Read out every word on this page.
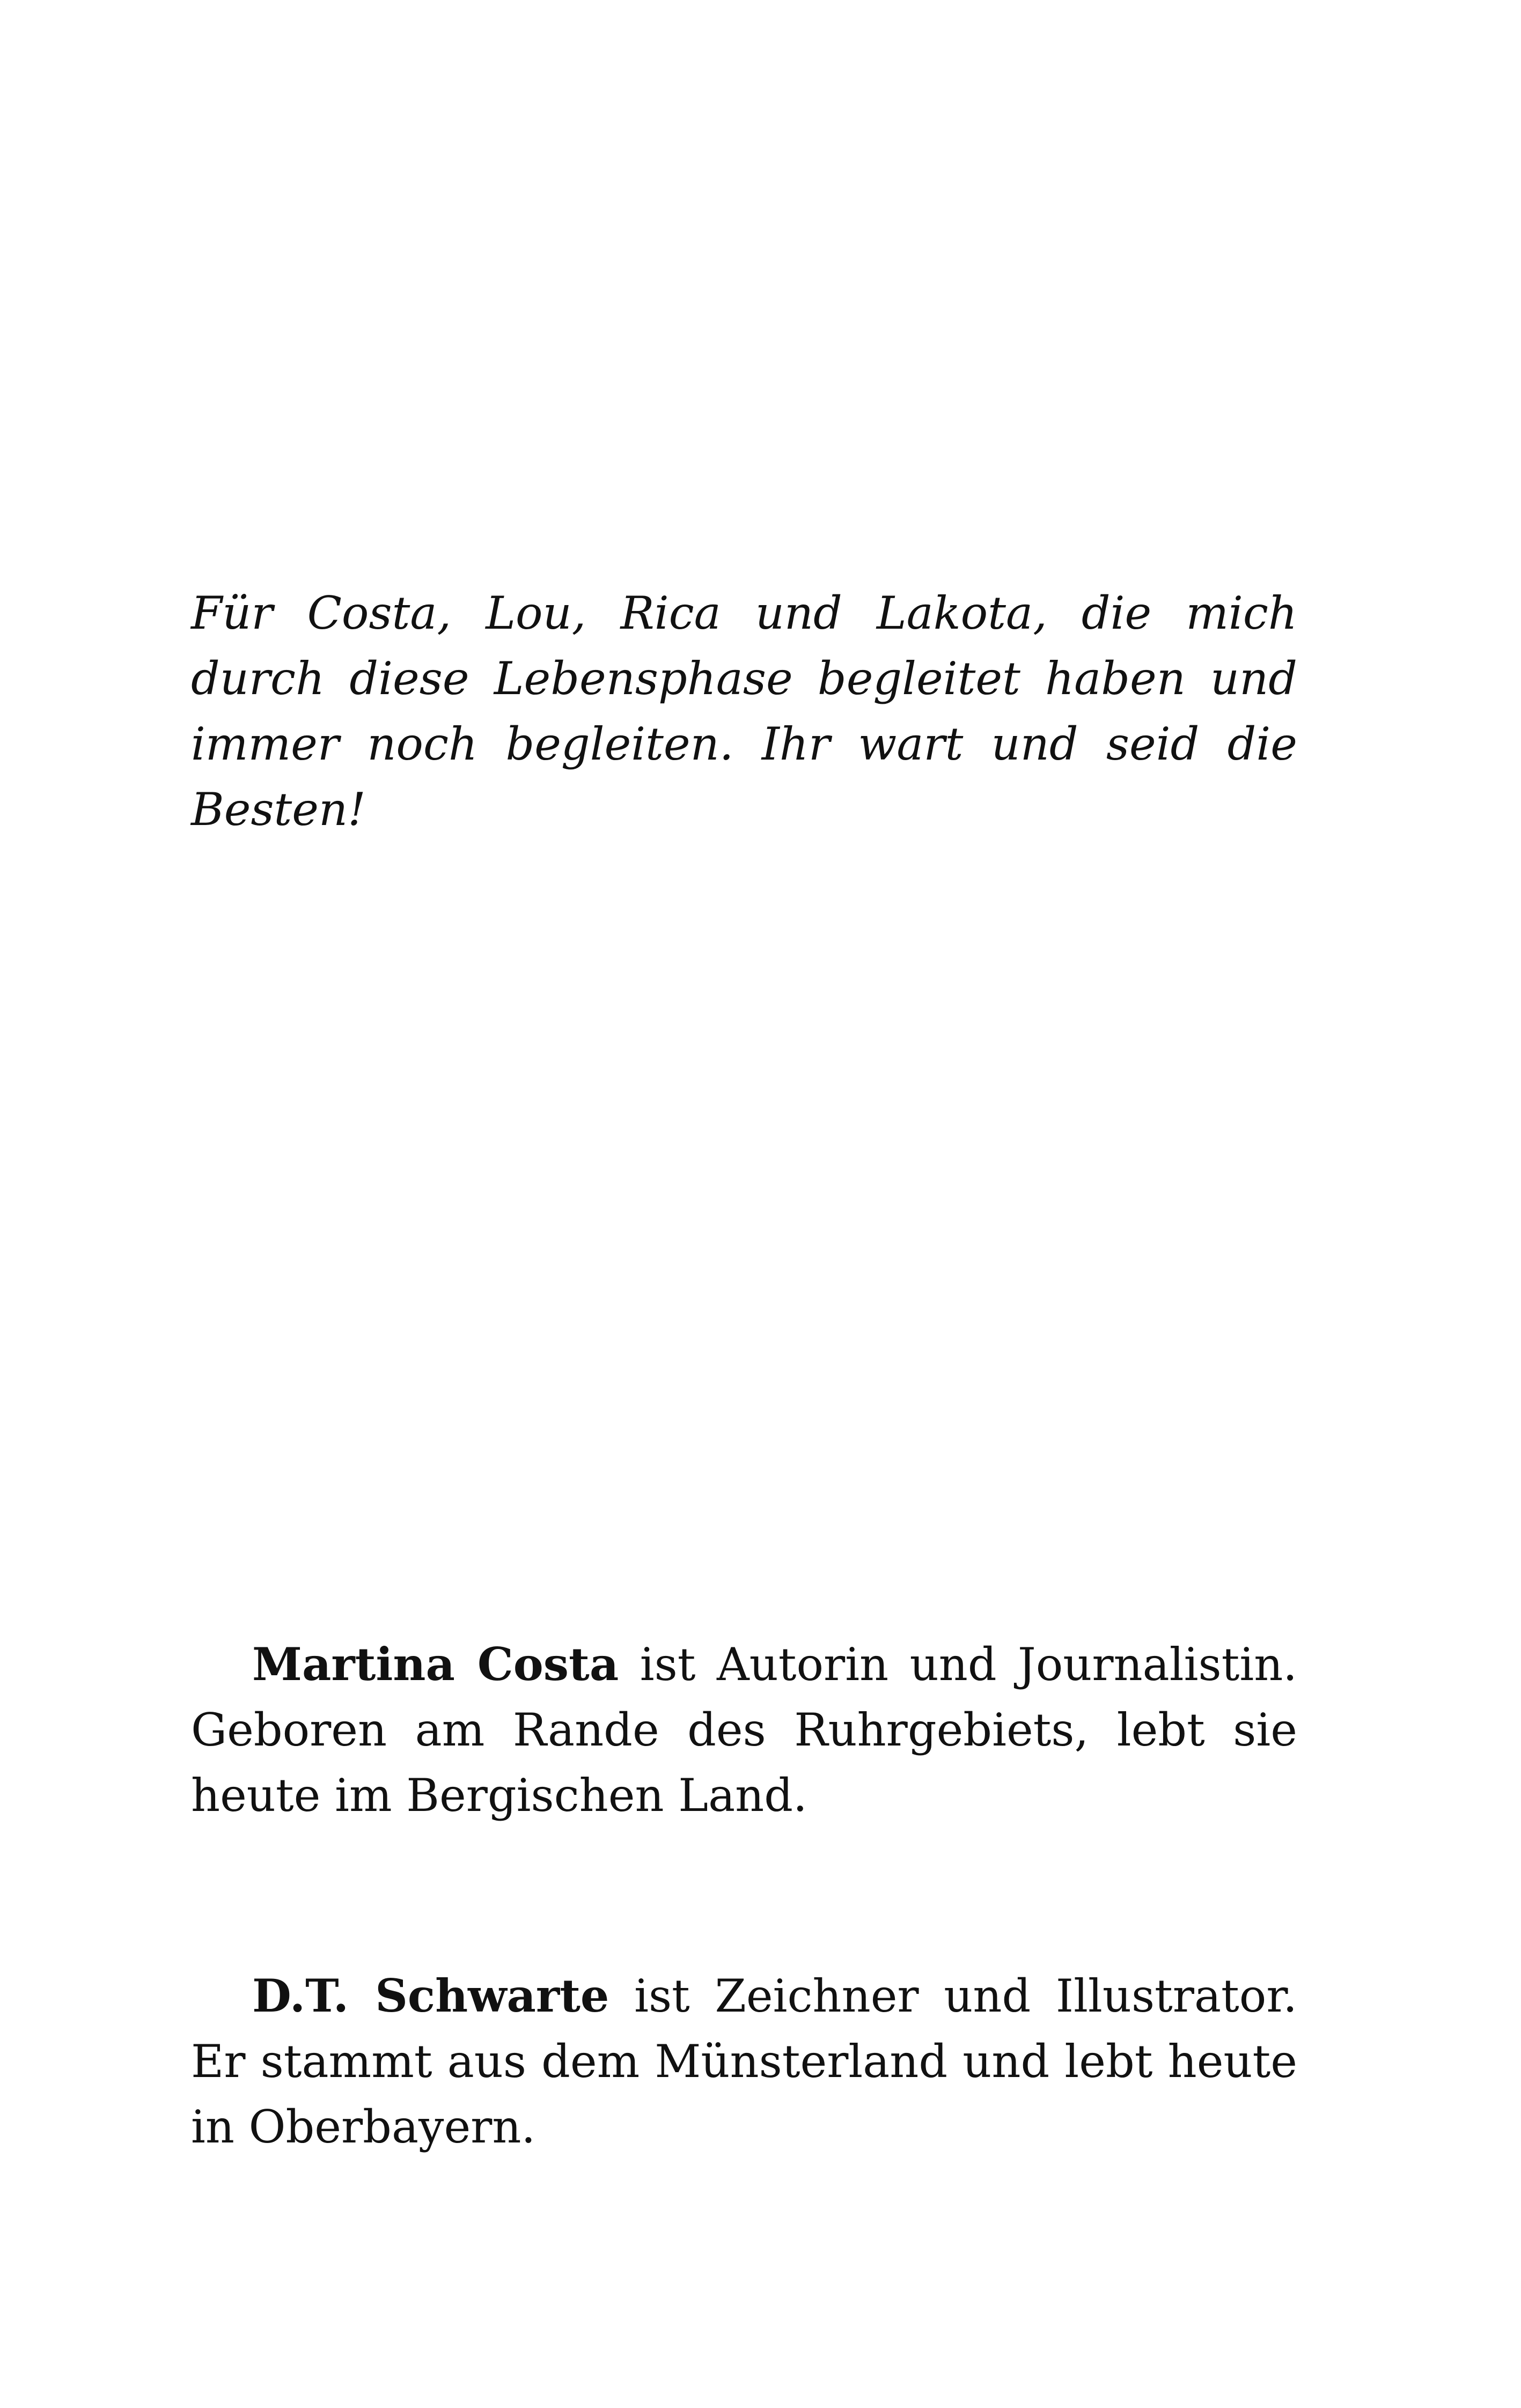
Für Costa, Lou, Rica und Lakota, die mich durch diese Lebensphase begleitet haben und immer noch begleiten. Ihr wart und seid die Besten!

Martina Costa ist Autorin und Journalistin. Geboren am Rande des Ruhrgebiets, lebt sie heute im Bergischen Land.

D.T. Schwarte ist Zeichner und Illustrator. Er stammt aus dem Münsterland und lebt heute in Oberbayern.
